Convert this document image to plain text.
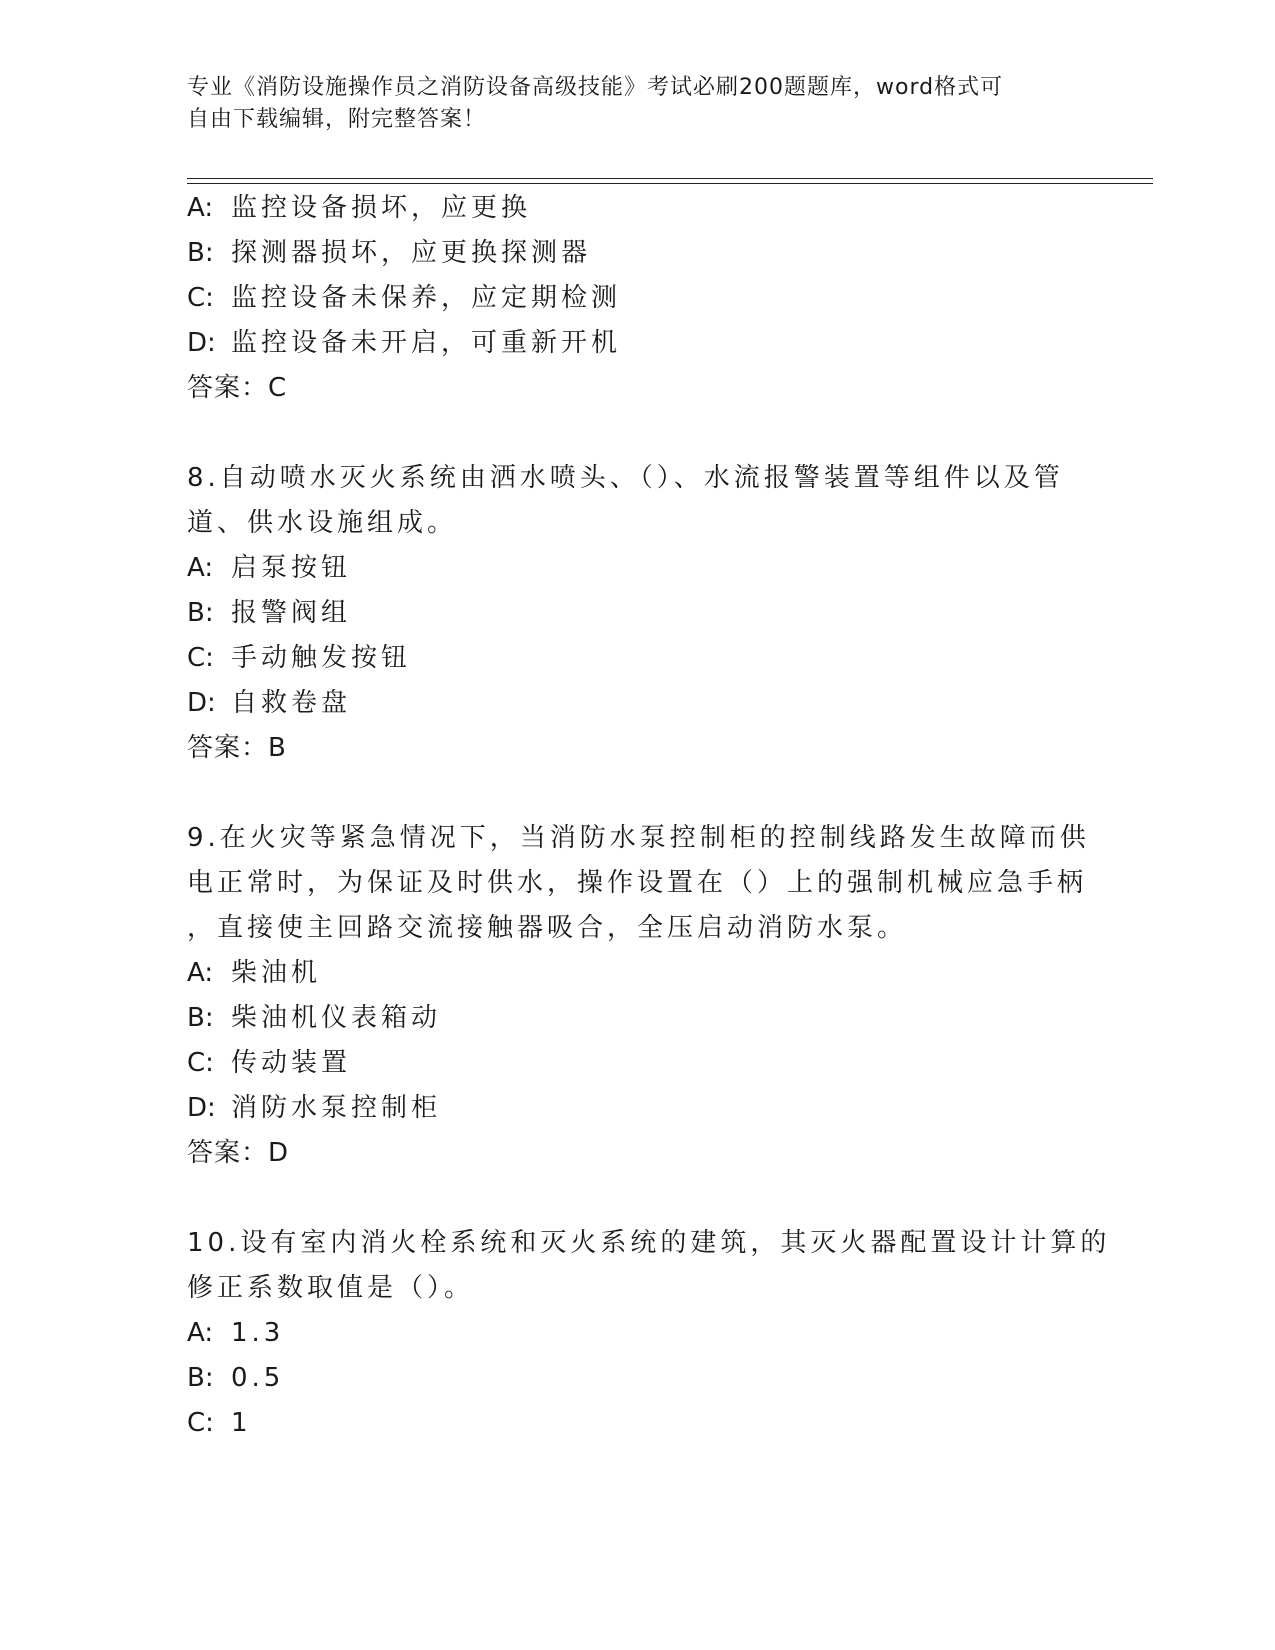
专业《消防设施操作员之消防设备高级技能》考试必刷200题题库，word格式可
自由下载编辑，附完整答案！
A: 监控设备损坏，应更换
B: 探测器损坏，应更换探测器
C: 监控设备未保养，应定期检测
D: 监控设备未开启，可重新开机
答案：C
8.自动喷水灭火系统由洒水喷头、（）、水流报警装置等组件以及管
道、供水设施组成。
A: 启泵按钮
B: 报警阀组
C: 手动触发按钮
D: 自救卷盘
答案：B
9.在火灾等紧急情况下，当消防水泵控制柜的控制线路发生故障而供
电正常时，为保证及时供水，操作设置在（）上的强制机械应急手柄
，直接使主回路交流接触器吸合，全压启动消防水泵。
A: 柴油机
B: 柴油机仪表箱动
C: 传动装置
D: 消防水泵控制柜
答案：D
10.设有室内消火栓系统和灭火系统的建筑，其灭火器配置设计计算的
修正系数取值是（）。
A: 1.3
B: 0.5
C: 1
